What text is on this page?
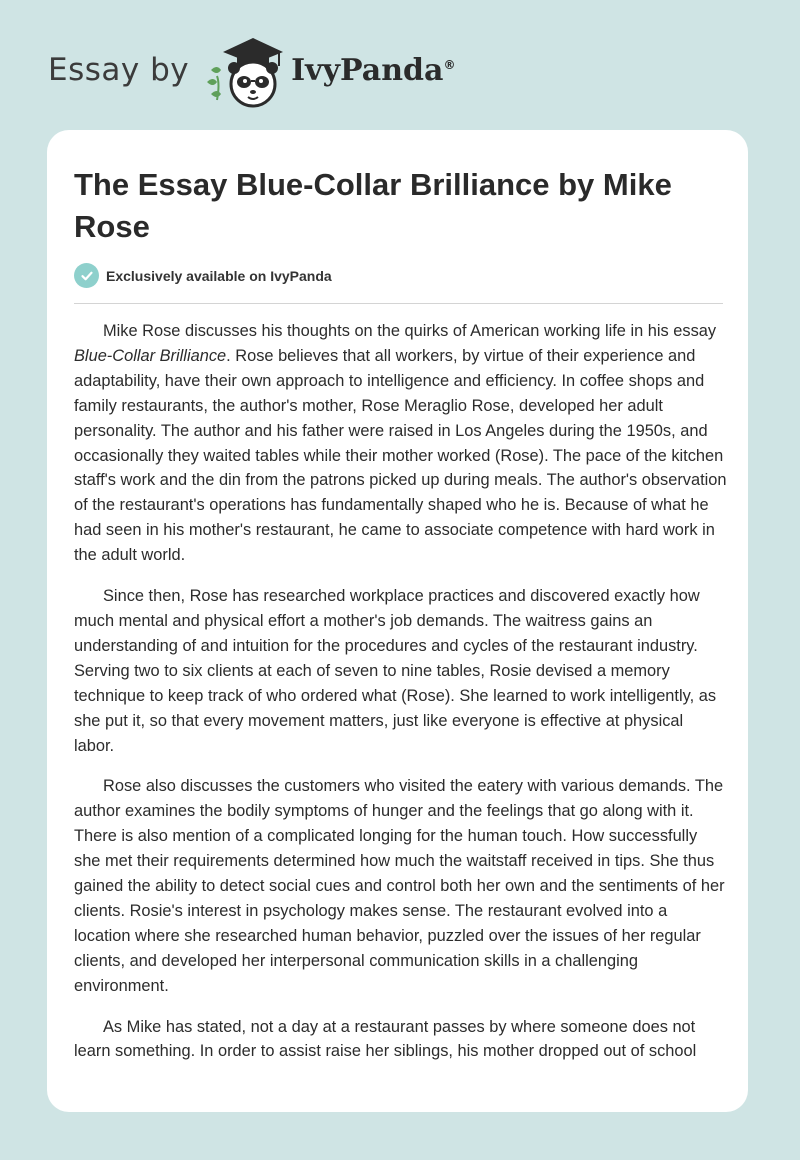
Essay by	IvyPanda®
The Essay Blue-Collar Brilliance by Mike Rose
Exclusively available on IvyPanda

Mike Rose discusses his thoughts on the quirks of American working life in his essay Blue-Collar Brilliance. Rose believes that all workers, by virtue of their experience and adaptability, have their own approach to intelligence and efficiency. In coffee shops and family restaurants, the author's mother, Rose Meraglio Rose, developed her adult personality. The author and his father were raised in Los Angeles during the 1950s, and occasionally they waited tables while their mother worked (Rose). The pace of the kitchen staff's work and the din from the patrons picked up during meals. The author's observation of the restaurant's operations has fundamentally shaped who he is. Because of what he had seen in his mother's restaurant, he came to associate competence with hard work in the adult world.

Since then, Rose has researched workplace practices and discovered exactly how much mental and physical effort a mother's job demands. The waitress gains an understanding of and intuition for the procedures and cycles of the restaurant industry. Serving two to six clients at each of seven to nine tables, Rosie devised a memory technique to keep track of who ordered what (Rose). She learned to work intelligently, as she put it, so that every movement matters, just like everyone is effective at physical labor.

Rose also discusses the customers who visited the eatery with various demands. The author examines the bodily symptoms of hunger and the feelings that go along with it. There is also mention of a complicated longing for the human touch. How successfully she met their requirements determined how much the waitstaff received in tips. She thus gained the ability to detect social cues and control both her own and the sentiments of her clients. Rosie's interest in psychology makes sense. The restaurant evolved into a location where she researched human behavior, puzzled over the issues of her regular clients, and developed her interpersonal communication skills in a challenging environment.

As Mike has stated, not a day at a restaurant passes by where someone does not learn something. In order to assist raise her siblings, his mother dropped out of school
